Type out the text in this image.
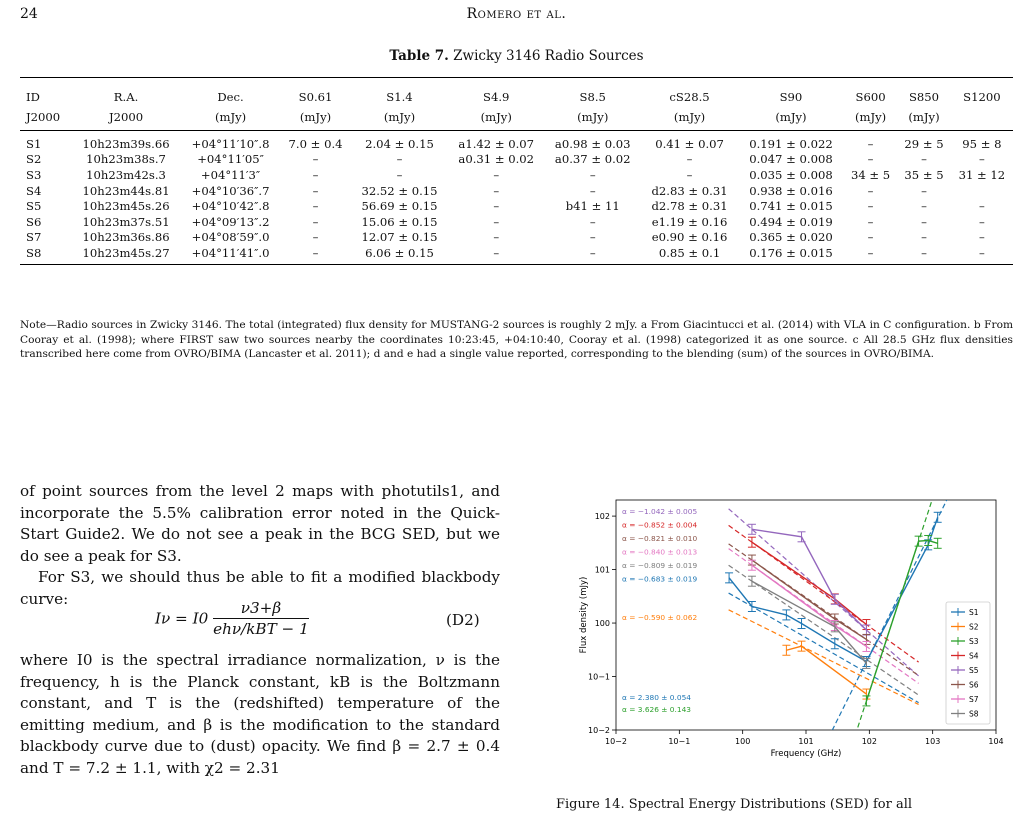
24	Romero et al.
Table 7. Zwicky 3146 Radio Sources
ID	R.A.	Dec.	S0.61	S1.4	S4.9	S8.5	cS28.5	S90	S600	S850	S1200
J2000	J2000	(mJy)	(mJy)	(mJy)	(mJy)	(mJy)	(mJy)	(mJy)	(mJy)	(mJy)	
S1	10h23m39s.66	+04°11′10″.8	7.0 ± 0.4	2.04 ± 0.15	a1.42 ± 0.07	a0.98 ± 0.03	0.41 ± 0.07	0.191 ± 0.022	–	29 ± 5	95 ± 8
S2	10h23m38s.7	+04°11′05″	–	–	a0.31 ± 0.02	a0.37 ± 0.02	–	0.047 ± 0.008	–	–	–
S3	10h23m42s.3	+04°11′3″	–	–	–	–	–	0.035 ± 0.008	34 ± 5	35 ± 5	31 ± 12
S4	10h23m44s.81	+04°10′36″.7	–	32.52 ± 0.15	–	–	d2.83 ± 0.31	0.938 ± 0.016	–	–	
S5	10h23m45s.26	+04°10′42″.8	–	56.69 ± 0.15	–	b41 ± 11	d2.78 ± 0.31	0.741 ± 0.015	–	–	–
S6	10h23m37s.51	+04°09′13″.2	–	15.06 ± 0.15	–	–	e1.19 ± 0.16	0.494 ± 0.019	–	–	–
S7	10h23m36s.86	+04°08′59″.0	–	12.07 ± 0.15	–	–	e0.90 ± 0.16	0.365 ± 0.020	–	–	–
S8	10h23m45s.27	+04°11′41″.0	–	6.06 ± 0.15	–	–	0.85 ± 0.1	0.176 ± 0.015	–	–	–
Note—Radio sources in Zwicky 3146. The total (integrated) flux density for MUSTANG-2 sources is roughly 2 mJy. a From Giacintucci et al. (2014) with VLA in C configuration. b From Cooray et al. (1998); where FIRST saw two sources nearby the coordinates 10:23:45, +04:10:40, Cooray et al. (1998) categorized it as one source. c All 28.5 GHz flux densities transcribed here come from OVRO/BIMA (Lancaster et al. 2011); d and e had a single value reported, corresponding to the blending (sum) of the sources in OVRO/BIMA.

of point sources from the level 2 maps with photutils1, and incorporate the 5.5% calibration error noted in the Quick-Start Guide2. We do not see a peak in the BCG SED, but we do see a peak for S3.

For S3, we should thus be able to fit a modified blackbody curve:

$I\nu = I0 \frac{\nu 3+\beta}{\text{ehν/kBT − 1}}$	(D2)

where I0 is the spectral irradiance normalization, ν is the frequency, h is the Planck constant, kB is the Boltzmann constant, and T is the (redshifted) temperature of the emitting medium, and β is the modification to the standard blackbody curve due to (dust) opacity. We find β = 2.7 ± 0.4 and T = 7.2 ± 1.1, with χ2 = 2.31

10−2	10−1	100	101	102	103	104
10−2
10−1
100
101
102
Frequency (GHz)
Flux density (mJy)
α = −1.042 ± 0.005
α = −0.852 ± 0.004
α = −0.821 ± 0.010
α = −0.840 ± 0.013
α = −0.809 ± 0.019
α = −0.683 ± 0.019
α = −0.590 ± 0.062
α = 2.380 ± 0.054
α = 3.626 ± 0.143
S1
S2
S3
S4
S5
S6
S7
S8
Figure 14. Spectral Energy Distributions (SED) for all
